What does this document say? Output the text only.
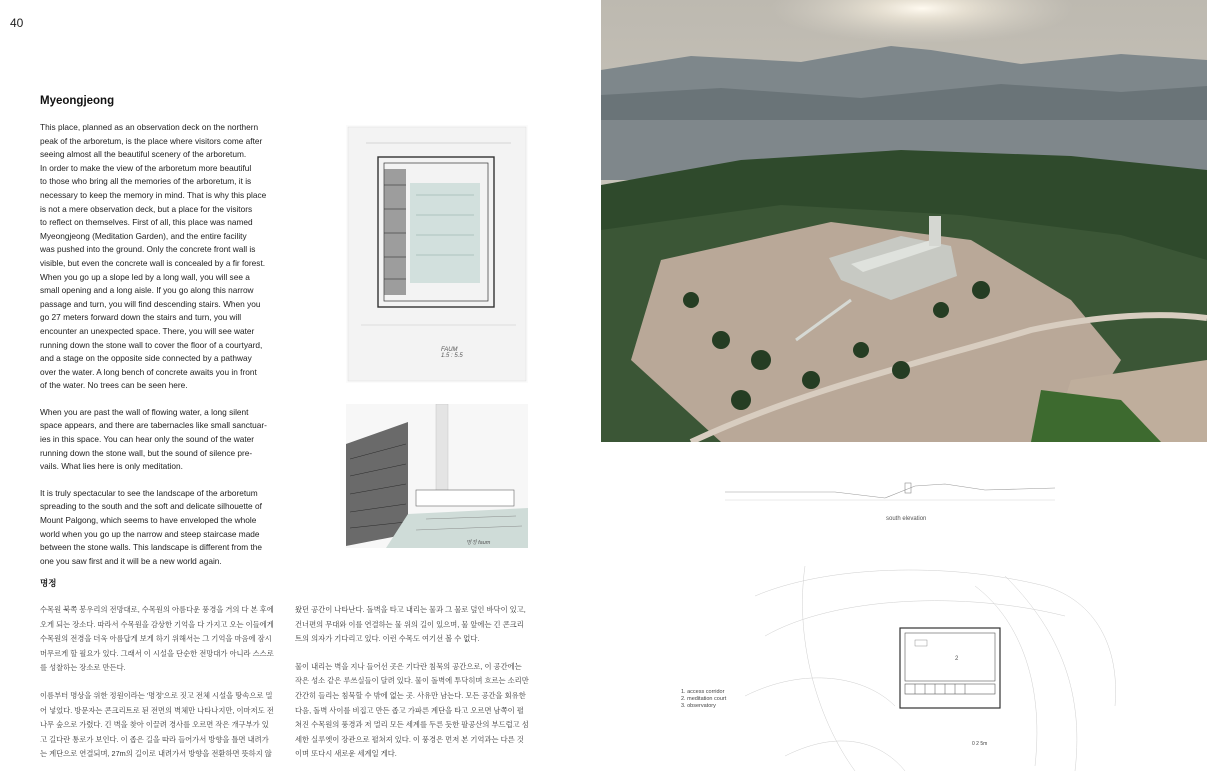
40
Myeongjeong

This place, planned as an observation deck on the northern
peak of the arboretum, is the place where visitors come after
seeing almost all the beautiful scenery of the arboretum.
In order to make the view of the arboretum more beautiful
to those who bring all the memories of the arboretum, it is
necessary to keep the memory in mind. That is why this place
is not a mere observation deck, but a place for the visitors
to reflect on themselves. First of all, this place was named
Myeongjeong (Meditation Garden), and the entire facility
was pushed into the ground. Only the concrete front wall is
visible, but even the concrete wall is concealed by a fir forest.
When you go up a slope led by a long wall, you will see a
small opening and a long aisle. If you go along this narrow
passage and turn, you will find descending stairs. When you
go 27 meters forward down the stairs and turn, you will
encounter an unexpected space. There, you will see water
running down the stone wall to cover the floor of a courtyard,
and a stage on the opposite side connected by a pathway
over the water. A long bench of concrete awaits you in front
of the water. No trees can be seen here.

When you are past the wall of flowing water, a long silent
space appears, and there are tabernacles like small sanctuar-
ies in this space. You can hear only the sound of the water
running down the stone wall, but the sound of silence pre-
vails. What lies here is only meditation.

It is truly spectacular to see the landscape of the arboretum
spreading to the south and the soft and delicate silhouette of
Mount Palgong, which seems to have enveloped the whole
world when you go up the narrow and steep staircase made
between the stone walls. This landscape is different from the
one you saw first and it will be a new world again.

명정

수목원 북쪽 봉우리의 전망대로, 수목원의 아름다운 풍경을 거의 다 본 후에
오게 되는 장소다. 따라서 수목원을 감상한 기억을 다 가지고 오는 이들에게
수목원의 전경을 더욱 아름답게 보게 하기 위해서는 그 기억을 마음에 잠시
머무르게 할 필요가 있다. 그래서 이 시설을 단순한 전망대가 아니라 스스로
를 성찰하는 장소로 만든다.

이름부터 명상을 위한 정원이라는 '명정'으로 짓고 전체 시설을 땅속으로 밀
어 넣었다. 방문자는 콘크리트로 된 전면의 벽체만 나타나지만, 이마저도 전
나무 숲으로 가렸다. 긴 벽을 찾아 이끌려 경사를 오르면 작은 개구부가 있
고 길다란 통로가 보인다. 이 좁은 길을 따라 들어가서 방향을 틀면 내려가
는 계단으로 연결되며, 27m의 길이로 내려가서 방향을 전환하면 뜻하지 않

왔던 공간이 나타난다. 돌벽을 타고 내리는 물과 그 물로 덮인 바닥이 있고,
건너편의 무대와 이를 연결하는 물 위의 길이 있으며, 물 앞에는 긴 콘크리
트의 의자가 기다리고 있다. 이런 수목도 여기선 볼 수 없다.

물이 내리는 벽을 지나 들어선 곳은 기다란 침묵의 공간으로, 이 공간에는
작은 성소 같은 루쓰실들이 달려 있다. 물이 돌벽에 투닥히며 흐르는 소리만
간간히 들리는 침묵할 수 밖에 없는 곳. 사유만 남는다. 모든 공간을 회유한
다음, 돌벽 사이를 비집고 만든 좁고 가파른 계단을 타고 오르면 남쪽이 펼
쳐진 수목원의 풍경과 저 멀리 모든 세계를 두른 듯한 팔공산의 부드럽고 섬
세한 실루엣이 장관으로 펼쳐져 있다. 이 풍경은 먼저 본 기억과는 다른 것
이며 또다시 새로운 세계일 게다.

FAUM
1.5 : 5.5
명정 faum
south elevation
2
1. access corridor
2. meditation court
3. observatory
0 2 5m
